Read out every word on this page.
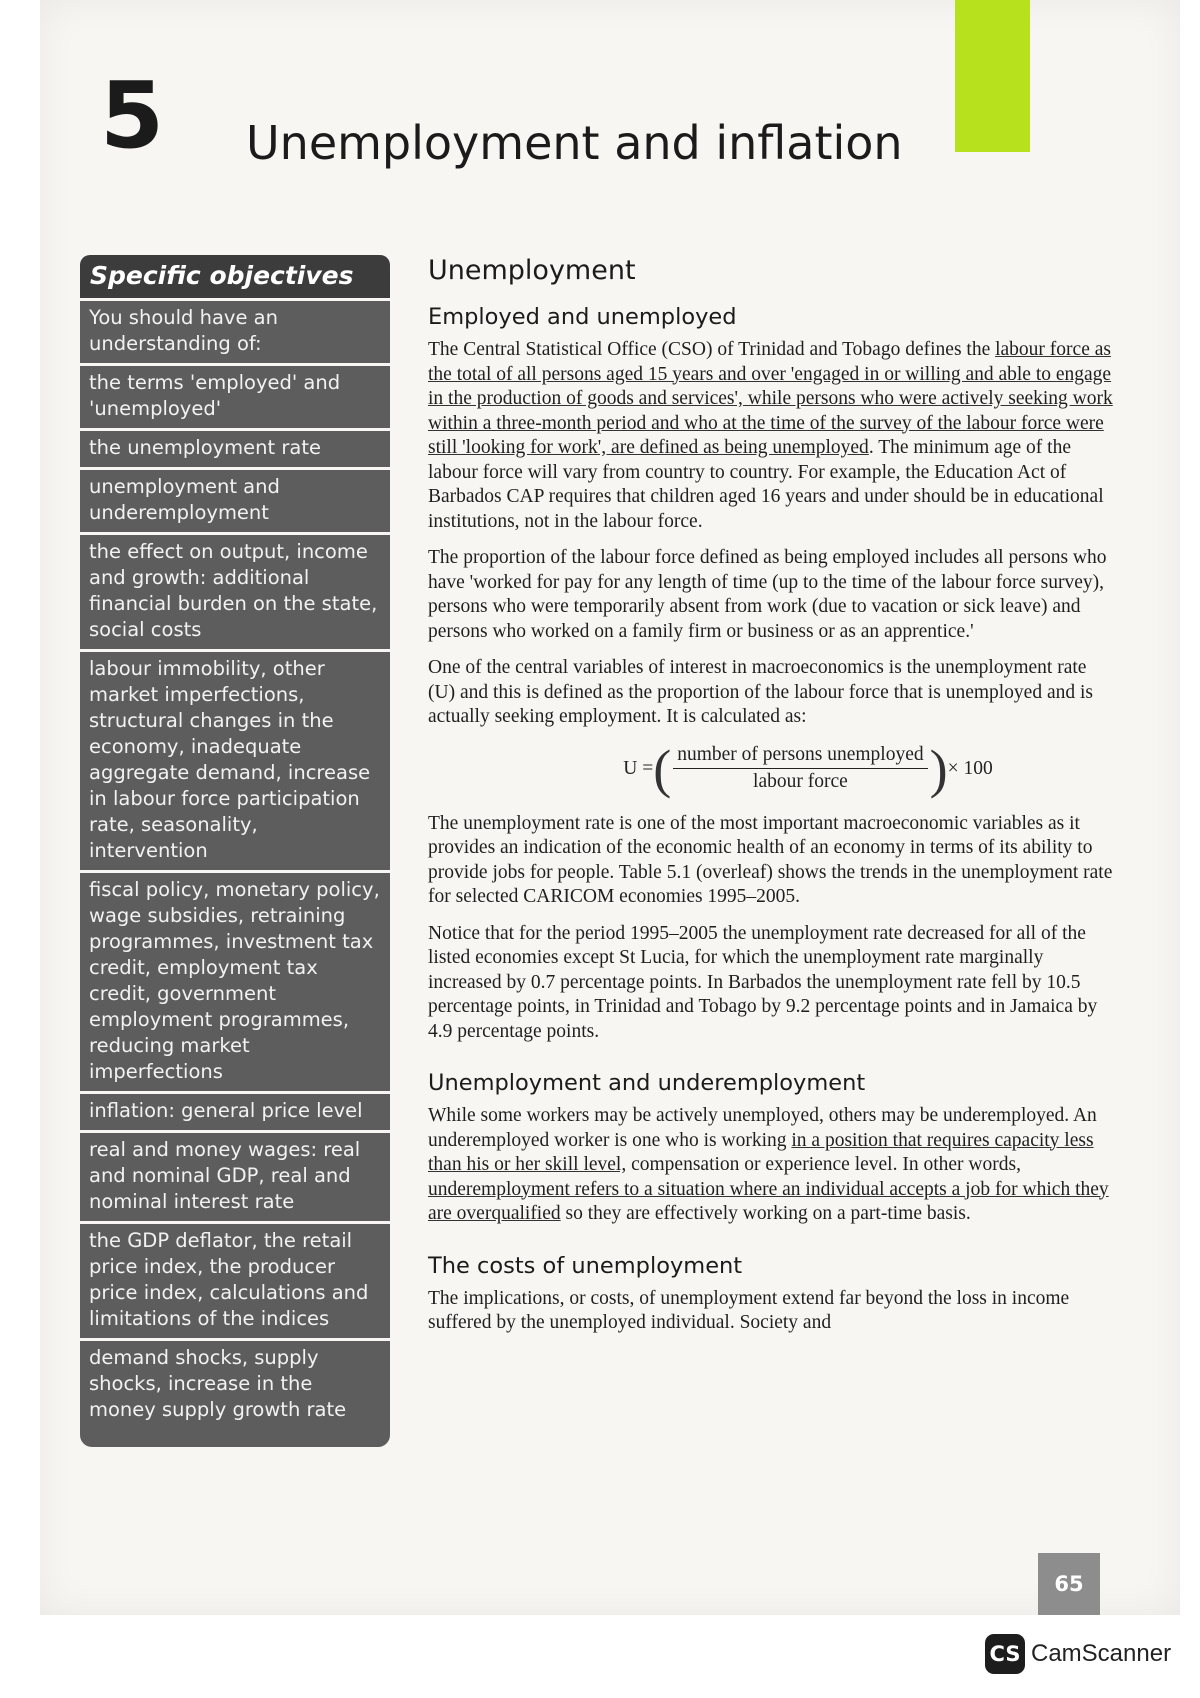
5 Unemployment and inflation
Specific objectives
You should have an understanding of:
the terms 'employed' and 'unemployed'
the unemployment rate
unemployment and underemployment
the effect on output, income and growth: additional financial burden on the state, social costs
labour immobility, other market imperfections, structural changes in the economy, inadequate aggregate demand, increase in labour force participation rate, seasonality, intervention
fiscal policy, monetary policy, wage subsidies, retraining programmes, investment tax credit, employment tax credit, government employment programmes, reducing market imperfections
inflation: general price level
real and money wages: real and nominal GDP, real and nominal interest rate
the GDP deflator, the retail price index, the producer price index, calculations and limitations of the indices
demand shocks, supply shocks, increase in the money supply growth rate
Unemployment
Employed and unemployed

The Central Statistical Office (CSO) of Trinidad and Tobago defines the labour force as the total of all persons aged 15 years and over 'engaged in or willing and able to engage in the production of goods and services', while persons who were actively seeking work within a three-month period and who at the time of the survey of the labour force were still 'looking for work', are defined as being unemployed. The minimum age of the labour force will vary from country to country. For example, the Education Act of Barbados CAP requires that children aged 16 years and under should be in educational institutions, not in the labour force.

The proportion of the labour force defined as being employed includes all persons who have 'worked for pay for any length of time (up to the time of the labour force survey), persons who were temporarily absent from work (due to vacation or sick leave) and persons who worked on a family firm or business or as an apprentice.'

One of the central variables of interest in macroeconomics is the unemployment rate (U) and this is defined as the proportion of the labour force that is unemployed and is actually seeking employment. It is calculated as:

U = ( $\frac{\text{number of persons unemployed}}{\text{labour force}}$ ) × 100

The unemployment rate is one of the most important macroeconomic variables as it provides an indication of the economic health of an economy in terms of its ability to provide jobs for people. Table 5.1 (overleaf) shows the trends in the unemployment rate for selected CARICOM economies 1995–2005.

Notice that for the period 1995–2005 the unemployment rate decreased for all of the listed economies except St Lucia, for which the unemployment rate marginally increased by 0.7 percentage points. In Barbados the unemployment rate fell by 10.5 percentage points, in Trinidad and Tobago by 9.2 percentage points and in Jamaica by 4.9 percentage points.

Unemployment and underemployment

While some workers may be actively unemployed, others may be underemployed. An underemployed worker is one who is working in a position that requires capacity less than his or her skill level, compensation or experience level. In other words, underemployment refers to a situation where an individual accepts a job for which they are overqualified so they are effectively working on a part-time basis.

The costs of unemployment

The implications, or costs, of unemployment extend far beyond the loss in income suffered by the unemployed individual. Society and

65
CS CamScanner
